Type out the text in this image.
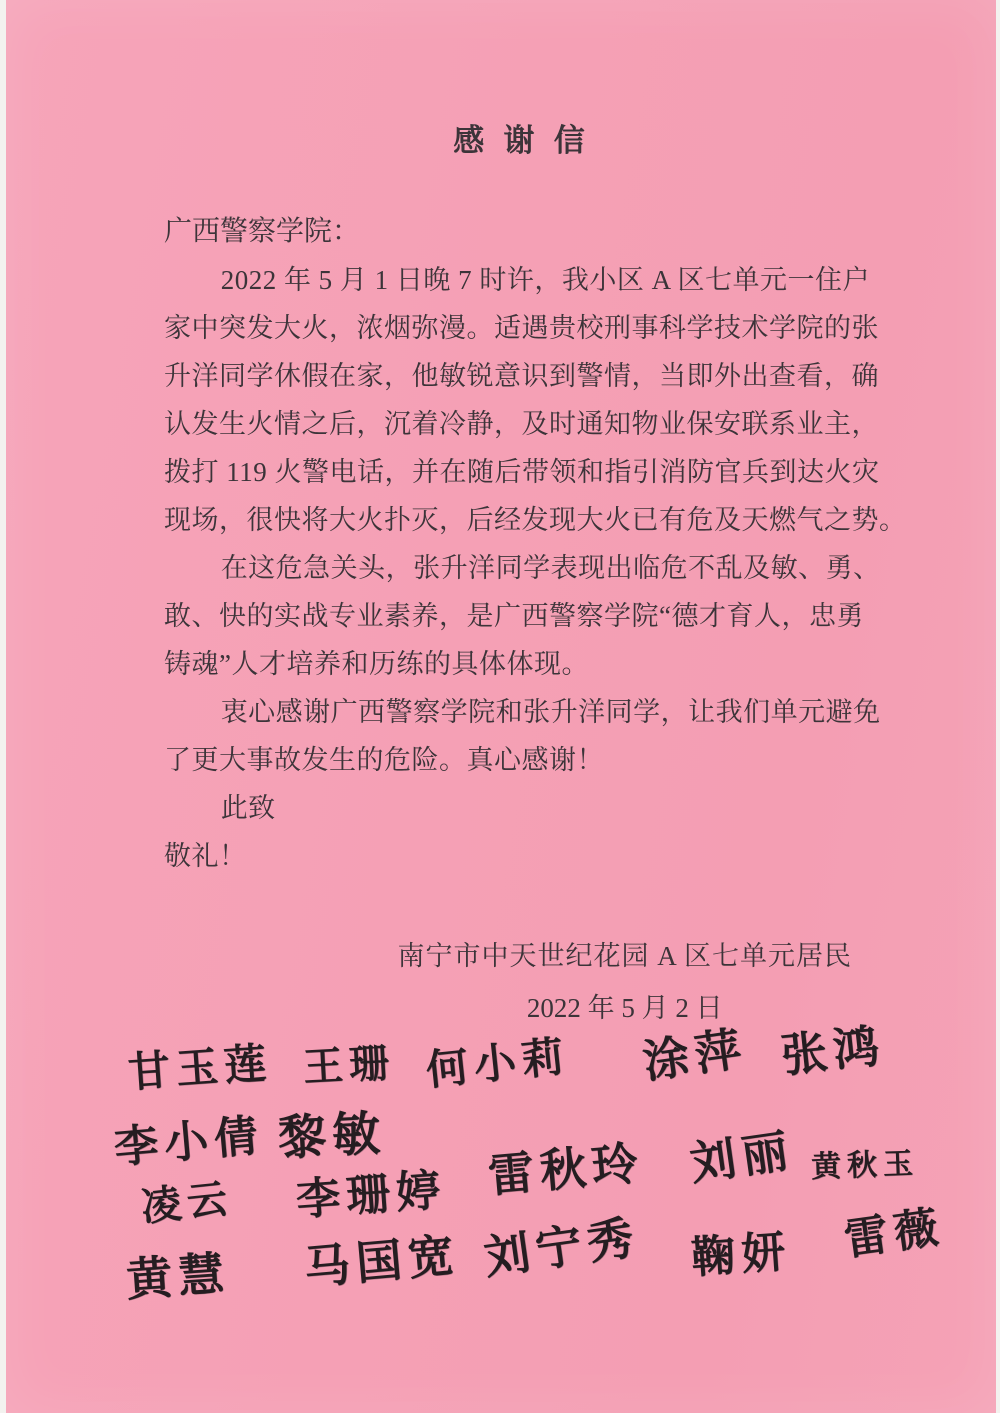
感谢信
广西警察学院：
2022 年 5 月 1 日晚 7 时许，我小区 A 区七单元一住户
家中突发大火，浓烟弥漫。适遇贵校刑事科学技术学院的张
升洋同学休假在家，他敏锐意识到警情，当即外出查看，确
认发生火情之后，沉着冷静，及时通知物业保安联系业主，
拨打 119 火警电话，并在随后带领和指引消防官兵到达火灾
现场，很快将大火扑灭，后经发现大火已有危及天燃气之势。
在这危急关头，张升洋同学表现出临危不乱及敏、勇、
敢、快的实战专业素养，是广西警察学院“德才育人，忠勇
铸魂”人才培养和历练的具体体现。
衷心感谢广西警察学院和张升洋同学，让我们单元避免
了更大事故发生的危险。真心感谢！
此致
敬礼！
南宁市中天世纪花园 A 区七单元居民
2022 年 5 月 2 日
甘玉莲 王珊 何小莉 涂萍 张鸿
李小倩 黎敏 雷秋玲 刘丽 黄秋玉
凌云 李珊婷
黄慧 马国宽 刘宁秀 鞠妍 雷薇
